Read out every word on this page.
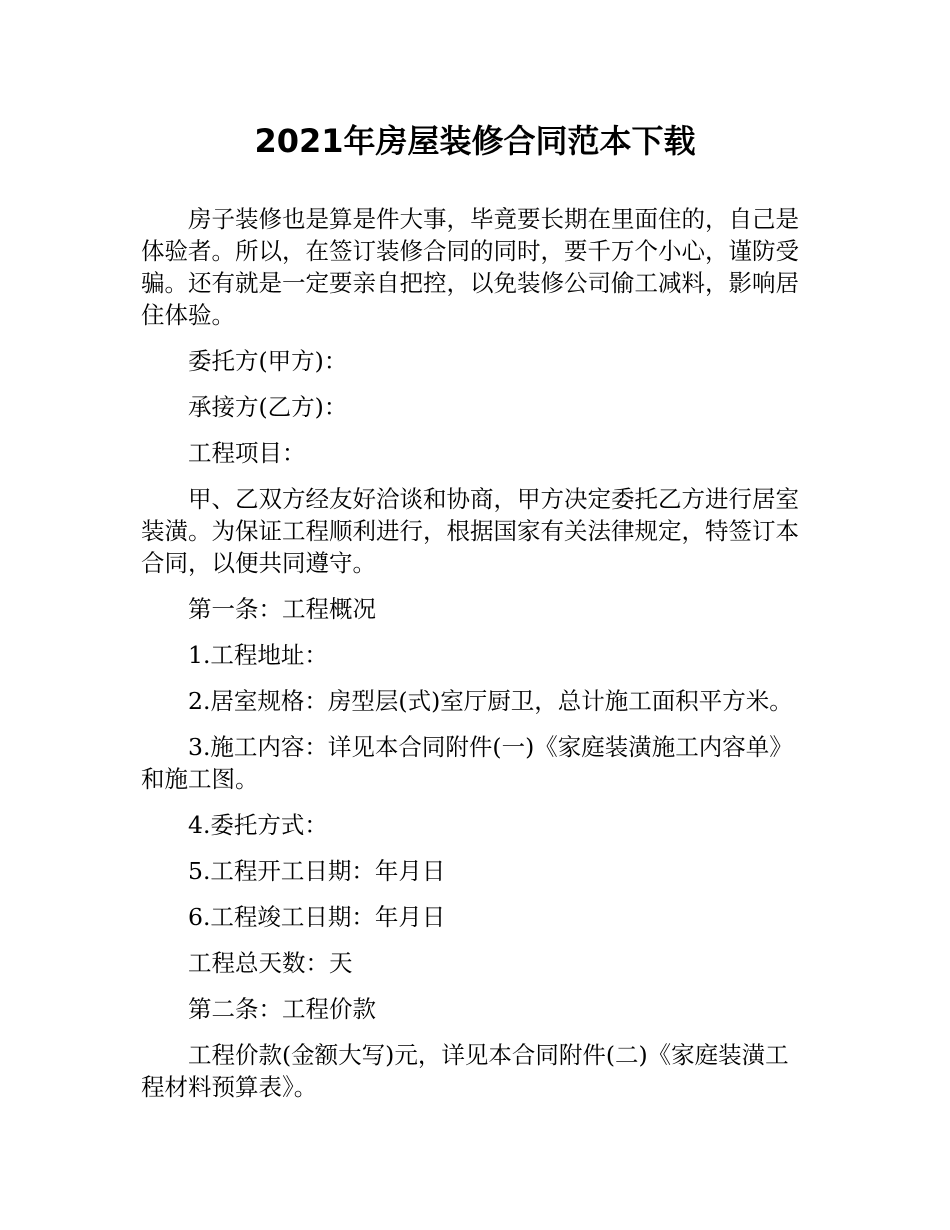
2021年房屋装修合同范本下载

房子装修也是算是件大事，毕竟要长期在里面住的，自己是体验者。所以，在签订装修合同的同时，要千万个小心，谨防受骗。还有就是一定要亲自把控，以免装修公司偷工减料，影响居住体验。

委托方(甲方)：

承接方(乙方)：

工程项目：

甲、乙双方经友好洽谈和协商，甲方决定委托乙方进行居室装潢。为保证工程顺利进行，根据国家有关法律规定，特签订本合同，以便共同遵守。

第一条：工程概况

1.工程地址：

2.居室规格：房型层(式)室厅厨卫，总计施工面积平方米。

3.施工内容：详见本合同附件(一)《家庭装潢施工内容单》和施工图。

4.委托方式：

5.工程开工日期：年月日

6.工程竣工日期：年月日

工程总天数：天

第二条：工程价款

工程价款(金额大写)元，详见本合同附件(二)《家庭装潢工程材料预算表》。
